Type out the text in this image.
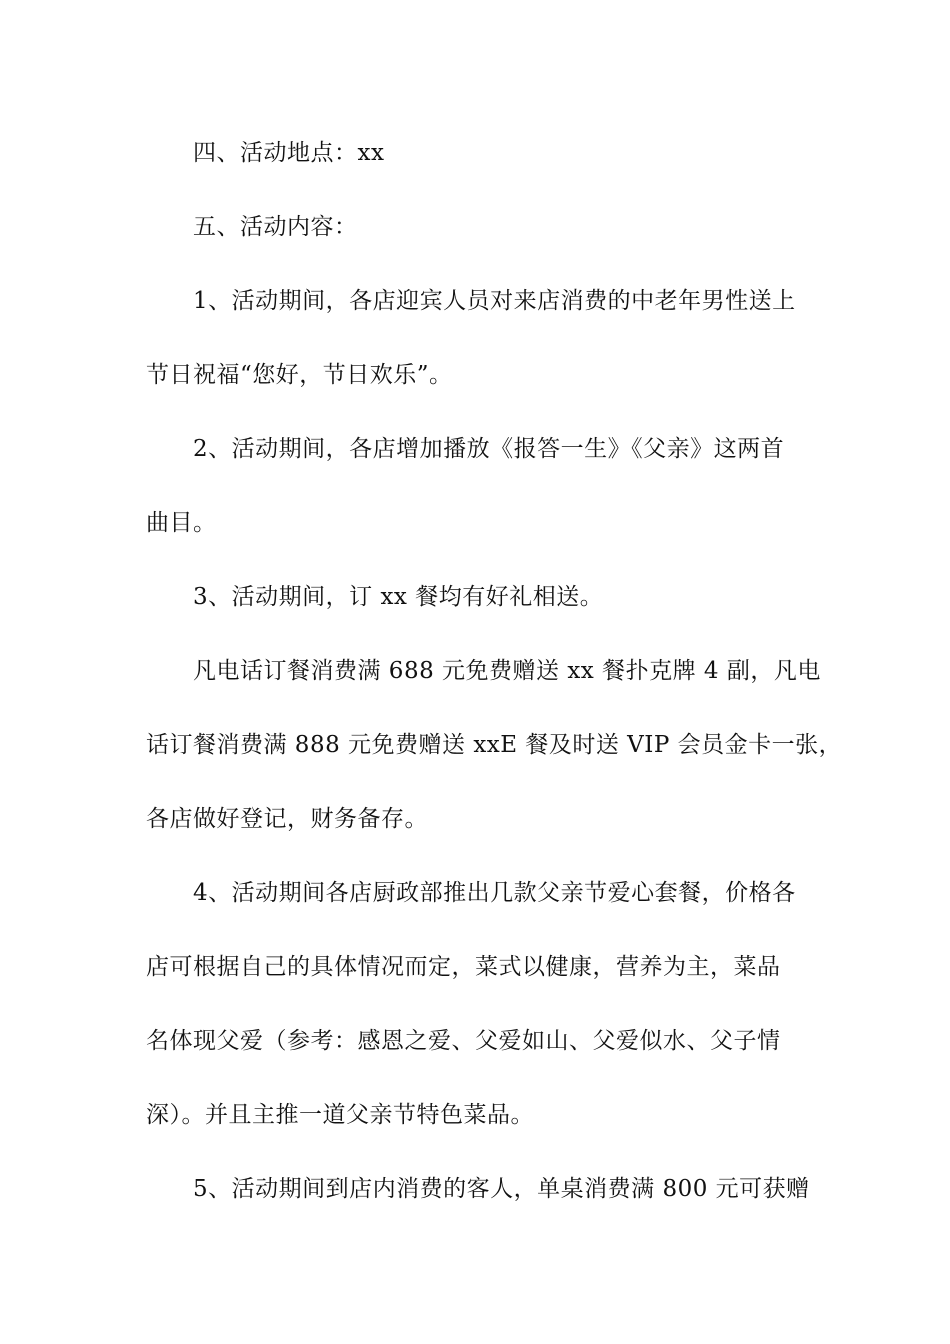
四、活动地点：xx
五、活动内容：
1、活动期间，各店迎宾人员对来店消费的中老年男性送上
节日祝福“您好，节日欢乐”。
2、活动期间，各店增加播放《报答一生》《父亲》这两首
曲目。
3、活动期间，订 xx 餐均有好礼相送。
凡电话订餐消费满 688 元免费赠送 xx 餐扑克牌 4 副，凡电
话订餐消费满 888 元免费赠送 xxE 餐及时送 VIP 会员金卡一张，
各店做好登记，财务备存。
4、活动期间各店厨政部推出几款父亲节爱心套餐，价格各
店可根据自己的具体情况而定，菜式以健康，营养为主，菜品
名体现父爱（参考：感恩之爱、父爱如山、父爱似水、父子情
深）。并且主推一道父亲节特色菜品。
5、活动期间到店内消费的客人，单桌消费满 800 元可获赠
